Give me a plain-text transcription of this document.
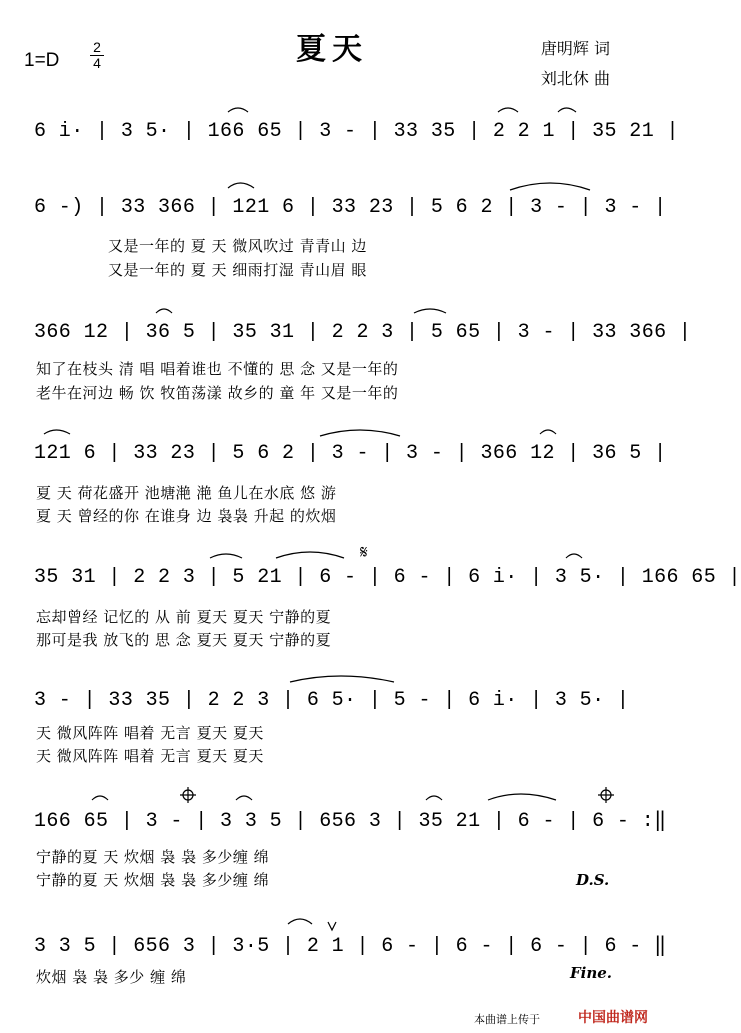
夏天
1=D
2
4
唐明辉 词
刘北休 曲
6 i· | 3 5· | 166 65 | 3 - | 33 35 | 2 2 1 | 35 21 |
6 -) | 33 366 | 121 6 | 33 23 | 5 6 2 | 3 - | 3 - |
又是一年的 夏 天 微风吹过 青青山 边
又是一年的 夏 天 细雨打湿 青山眉 眼
366 12 | 36 5 | 35 31 | 2 2 3 | 5 65 | 3 - | 33 366 |
知了在枝头 清 唱 唱着谁也 不懂的 思 念 又是一年的
老牛在河边 畅 饮 牧笛荡漾 故乡的 童 年 又是一年的
121 6 | 33 23 | 5 6 2 | 3 - | 3 - | 366 12 | 36 5 |
夏 天 荷花盛开 池塘滟 滟 鱼儿在水底 悠 游
夏 天 曾经的你 在谁身 边 袅袅 升起 的炊烟
35 31 | 2 2 3 | 5 21 | 6 - | 6 - | 6 i· | 3 5· | 166 65 |
忘却曾经 记忆的 从 前 夏天 夏天 宁静的夏
那可是我 放飞的 思 念 夏天 夏天 宁静的夏
3 - | 33 35 | 2 2 3 | 6 5· | 5 - | 6 i· | 3 5· |
天 微风阵阵 唱着 无言 夏天 夏天
天 微风阵阵 唱着 无言 夏天 夏天
166 65 | 3 - | 3 3 5 | 656 3 | 35 21 | 6 - | 6 - :‖
宁静的夏 天 炊烟 袅 袅 多少缠 绵
宁静的夏 天 炊烟 袅 袅 多少缠 绵	D.S.
3 3 5 | 656 3 | 3·5 | 2 1 | 6 - | 6 - | 6 - | 6 - ‖
炊烟 袅 袅 多少 缠 绵	Fine.
𝄋
本曲谱上传于	中国曲谱网
